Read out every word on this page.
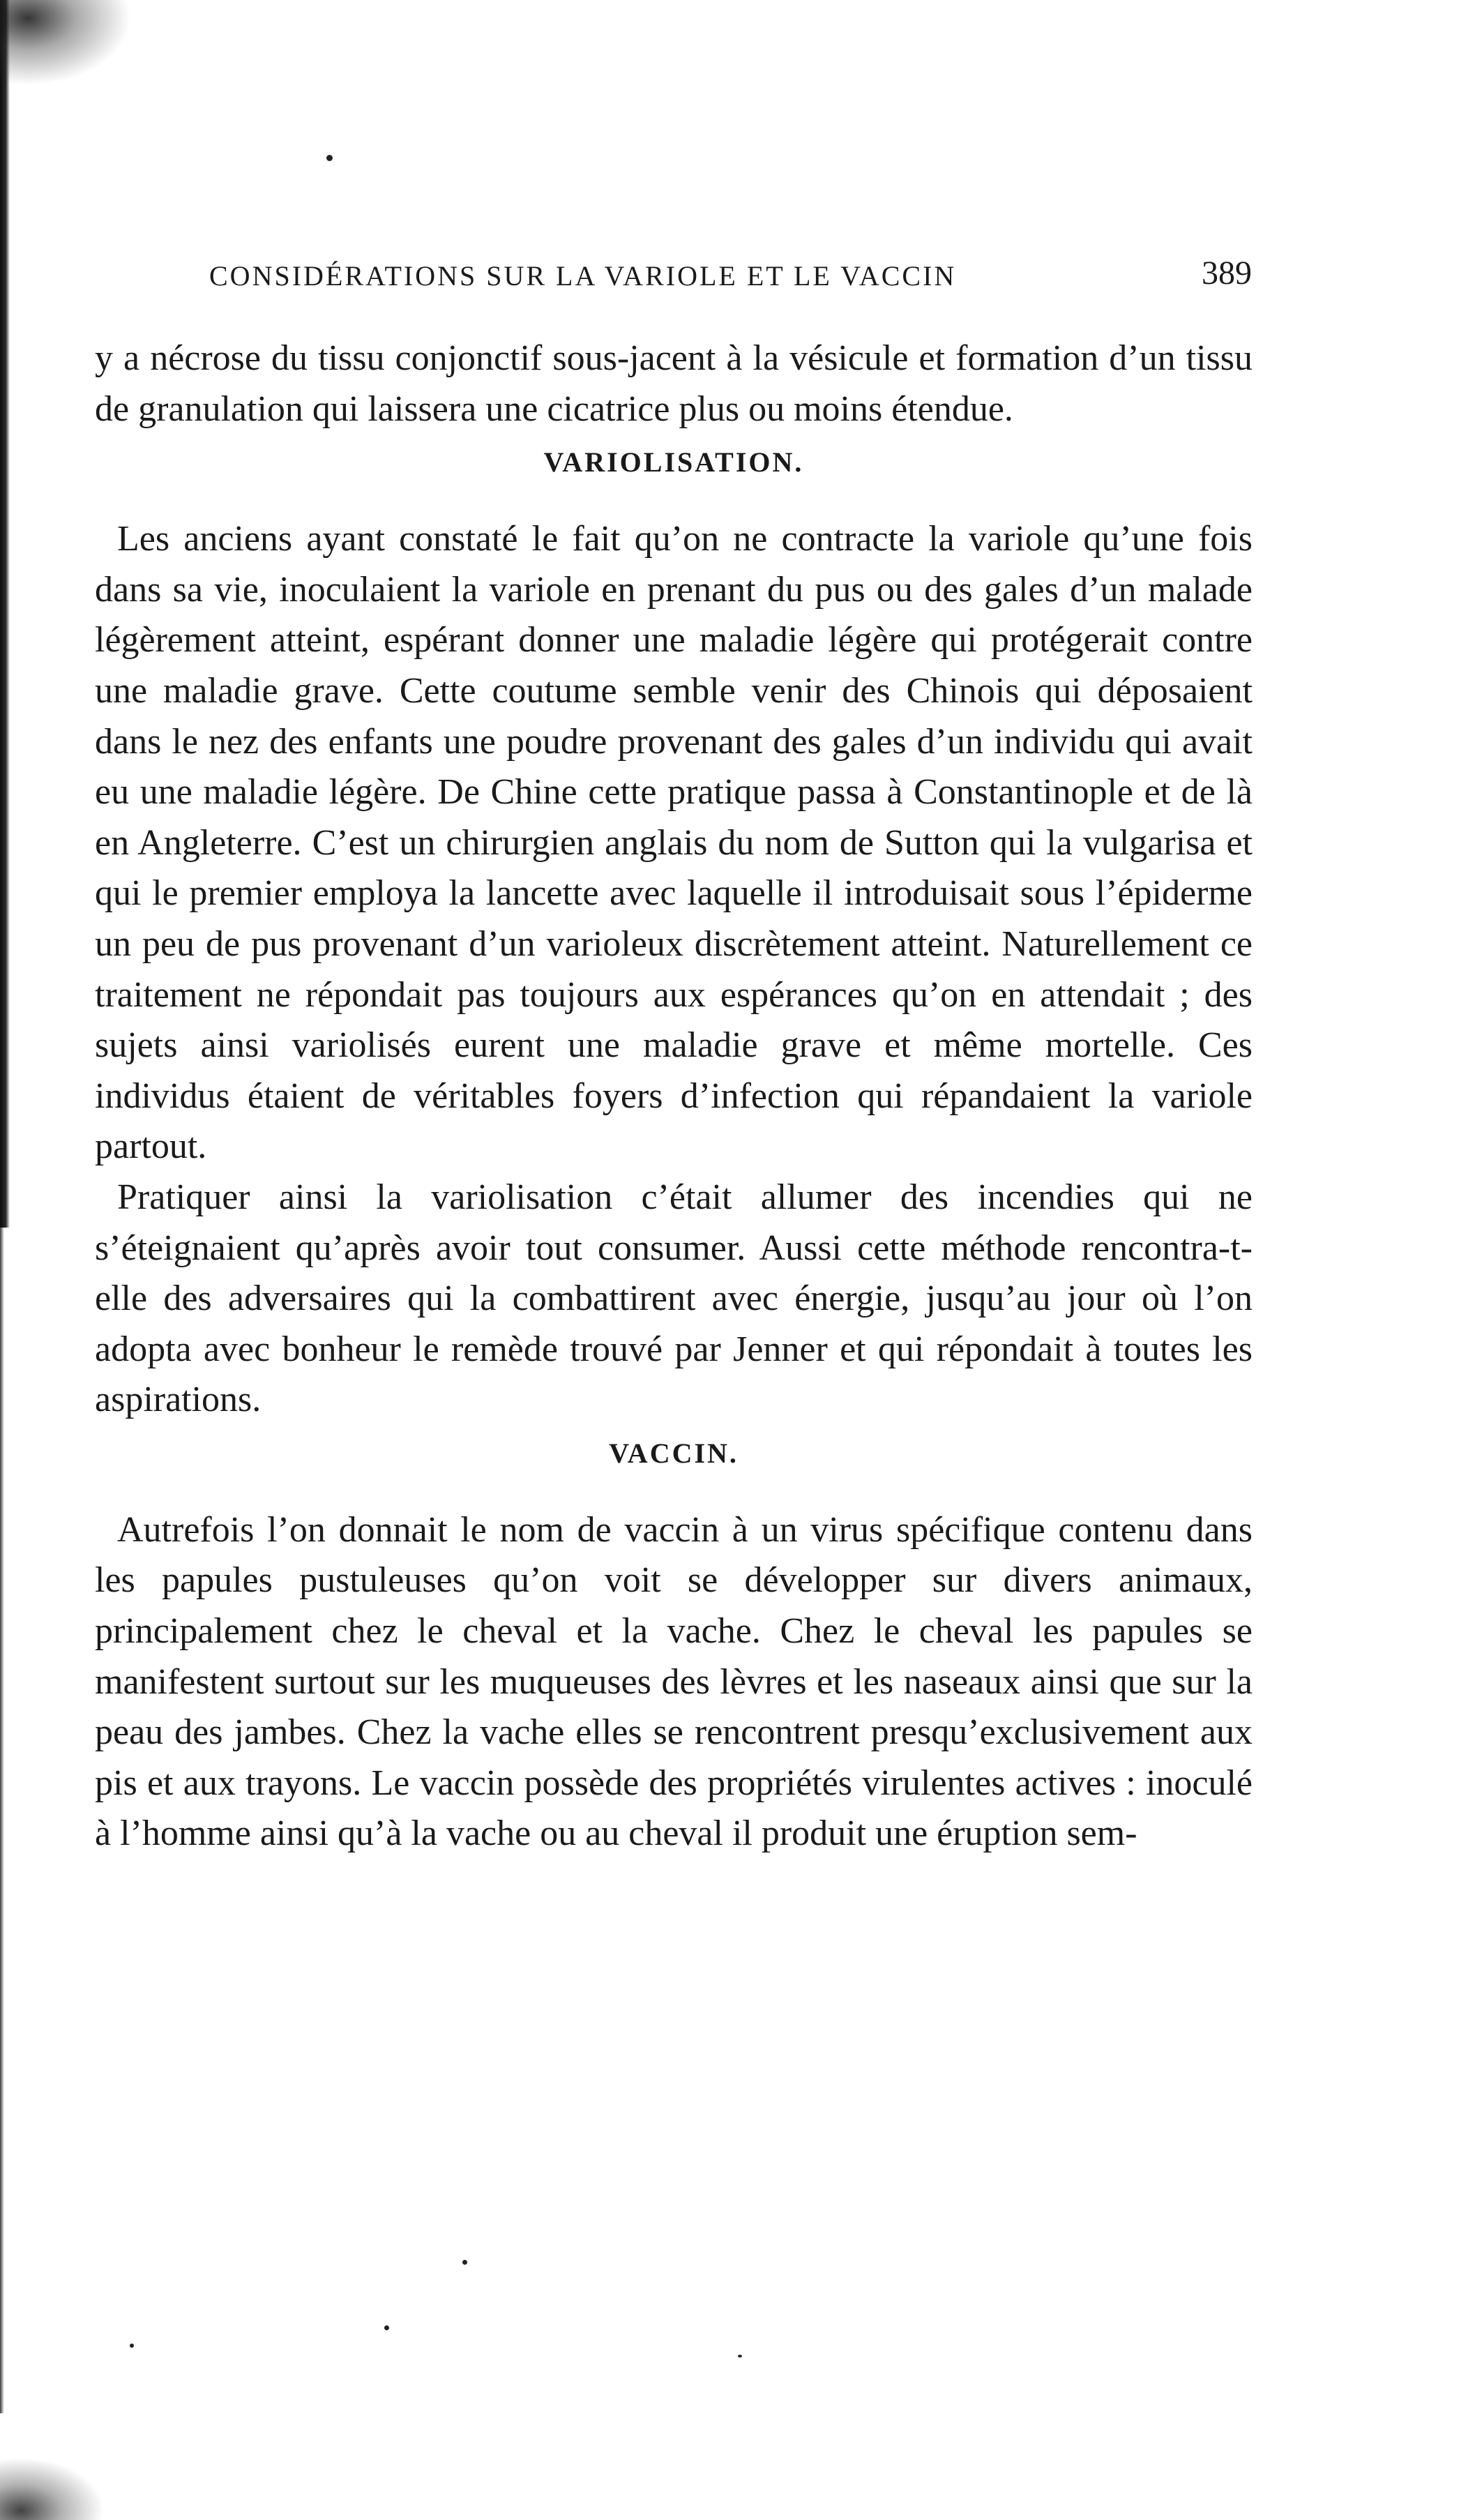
CONSIDÉRATIONS SUR LA VARIOLE ET LE VACCIN	389

y a nécrose du tissu conjonctif sous-jacent à la vésicule et formation d’un tissu de granulation qui laissera une cicatrice plus ou moins étendue.

VARIOLISATION.

Les anciens ayant constaté le fait qu’on ne contracte la variole qu’une fois dans sa vie, inoculaient la variole en prenant du pus ou des gales d’un malade légèrement atteint, espérant donner une maladie légère qui protégerait contre une maladie grave. Cette coutume semble venir des Chinois qui déposaient dans le nez des enfants une poudre provenant des gales d’un individu qui avait eu une maladie légère. De Chine cette pratique passa à Constantinople et de là en Angleterre. C’est un chirurgien anglais du nom de Sutton qui la vulgarisa et qui le premier employa la lancette avec laquelle il introduisait sous l’épiderme un peu de pus provenant d’un varioleux discrètement atteint. Naturellement ce traitement ne répondait pas toujours aux espérances qu’on en attendait ; des sujets ainsi variolisés eurent une maladie grave et même mortelle. Ces individus étaient de véritables foyers d’infection qui répandaient la variole partout.

Pratiquer ainsi la variolisation c’était allumer des incendies qui ne s’éteignaient qu’après avoir tout consumer. Aussi cette méthode rencontra-t-elle des adversaires qui la combattirent avec énergie, jusqu’au jour où l’on adopta avec bonheur le remède trouvé par Jenner et qui répondait à toutes les aspirations.

VACCIN.

Autrefois l’on donnait le nom de vaccin à un virus spécifique contenu dans les papules pustuleuses qu’on voit se développer sur divers animaux, principalement chez le cheval et la vache. Chez le cheval les papules se manifestent surtout sur les muqueuses des lèvres et les naseaux ainsi que sur la peau des jambes. Chez la vache elles se rencontrent presqu’exclusivement aux pis et aux trayons. Le vaccin possède des propriétés virulentes actives : inoculé à l’homme ainsi qu’à la vache ou au cheval il produit une éruption sem-
